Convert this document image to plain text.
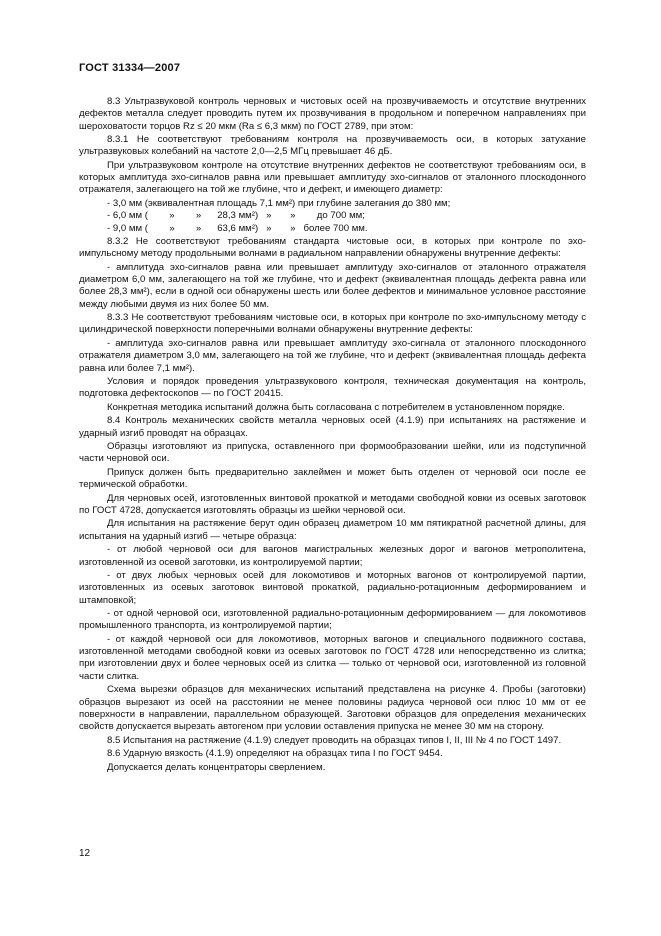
ГОСТ 31334—2007

8.3 Ультразвуковой контроль черновых и чистовых осей на прозвучиваемость и отсутствие внутренних дефектов металла следует проводить путем их прозвучивания в продольном и поперечном направлениях при шероховатости торцов Rz ≤ 20 мкм (Ra ≤ 6,3 мкм) по ГОСТ 2789, при этом:

8.3.1 Не соответствуют требованиям контроля на прозвучиваемость оси, в которых затухание ультразвуковых колебаний на частоте 2,0—2,5 МГц превышает 46 дБ.

При ультразвуковом контроле на отсутствие внутренних дефектов не соответствуют требованиям оси, в которых амплитуда эхо-сигналов равна или превышает амплитуду эхо-сигналов от эталонного плоскодонного отражателя, залегающего на той же глубине, что и дефект, и имеющего диаметр:

- 3,0 мм (эквивалентная площадь 7,1 мм²) при глубине залегания до 380 мм;

- 6,0 мм (        »        »      28,3 мм²)   »       »        до 700 мм;

- 9,0 мм (        »        »      63,6 мм²)   »       »   более 700 мм.

8.3.2 Не соответствуют требованиям стандарта чистовые оси, в которых при контроле по эхо-импульсному методу продольными волнами в радиальном направлении обнаружены внутренние дефекты:

- амплитуда эхо-сигналов равна или превышает амплитуду эхо-сигналов от эталонного отражателя диаметром 6,0 мм, залегающего на той же глубине, что и дефект (эквивалентная площадь дефекта равна или более 28,3 мм²), если в одной оси обнаружены шесть или более дефектов и минимальное условное расстояние между любыми двумя из них более 50 мм.

8.3.3 Не соответствуют требованиям чистовые оси, в которых при контроле по эхо-импульсному методу с цилиндрической поверхности поперечными волнами обнаружены внутренние дефекты:

- амплитуда эхо-сигналов равна или превышает амплитуду эхо-сигнала от эталонного плоскодонного отражателя диаметром 3,0 мм, залегающего на той же глубине, что и дефект (эквивалентная площадь дефекта равна или более 7,1 мм²).

Условия и порядок проведения ультразвукового контроля, техническая документация на контроль, подготовка дефектоскопов — по ГОСТ 20415.

Конкретная методика испытаний должна быть согласована с потребителем в установленном порядке.

8.4 Контроль механических свойств металла черновых осей (4.1.9) при испытаниях на растяжение и ударный изгиб проводят на образцах.

Образцы изготовляют из припуска, оставленного при формообразовании шейки, или из подступичной части черновой оси.

Припуск должен быть предварительно заклеймен и может быть отделен от черновой оси после ее термической обработки.

Для черновых осей, изготовленных винтовой прокаткой и методами свободной ковки из осевых заготовок по ГОСТ 4728, допускается изготовлять образцы из шейки черновой оси.

Для испытания на растяжение берут один образец диаметром 10 мм пятикратной расчетной длины, для испытания на ударный изгиб — четыре образца:

- от любой черновой оси для вагонов магистральных железных дорог и вагонов метрополитена, изготовленной из осевой заготовки, из контролируемой партии;

- от двух любых черновых осей для локомотивов и моторных вагонов от контролируемой партии, изготовленных из осевых заготовок винтовой прокаткой, радиально-ротационным деформированием и штамповкой;

- от одной черновой оси, изготовленной радиально-ротационным деформированием — для локомотивов промышленного транспорта, из контролируемой партии;

- от каждой черновой оси для локомотивов, моторных вагонов и специального подвижного состава, изготовленной методами свободной ковки из осевых заготовок по ГОСТ 4728 или непосредственно из слитка; при изготовлении двух и более черновых осей из слитка — только от черновой оси, изготовленной из головной части слитка.

Схема вырезки образцов для механических испытаний представлена на рисунке 4. Пробы (заготовки) образцов вырезают из осей на расстоянии не менее половины радиуса черновой оси плюс 10 мм от ее поверхности в направлении, параллельном образующей. Заготовки образцов для определения механических свойств допускается вырезать автогеном при условии оставления припуска не менее 30 мм на сторону.

8.5 Испытания на растяжение (4.1.9) следует проводить на образцах типов I, II, III № 4 по ГОСТ 1497.

8.6 Ударную вязкость (4.1.9) определяют на образцах типа I по ГОСТ 9454.

Допускается делать концентраторы сверлением.

12
